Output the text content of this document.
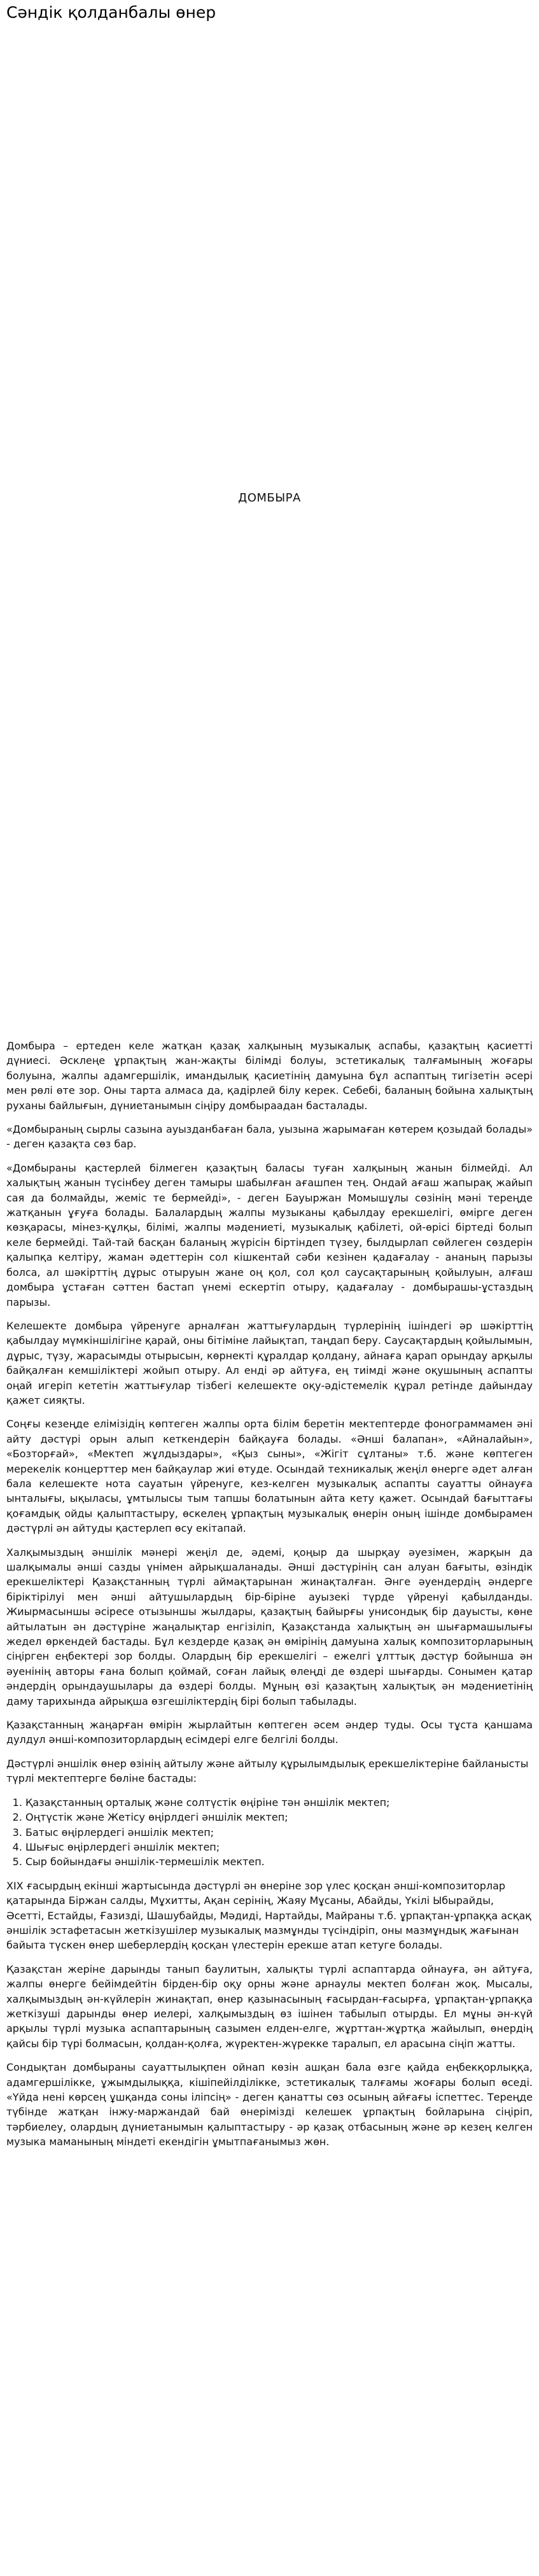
Сәндік қолданбалы өнер
ДОМБЫРА

Домбыра – ертеден келе жатқан қазақ халқының музыкалық аспабы, қазақтың қасиетті дүниесі. Әсклеңе ұрпақтың жан-жақты білімді болуы, эстетикалық талғамының жоғары болуына, жалпы адамгершілік, имандылық қасиетінің дамуына бұл аспаптың тигізетін әсері мен рөлі өте зор. Оны тарта алмаса да, қадірлей білу керек. Себебі, баланың бойына халықтың руханы байлығын, дүниетанымын сіңіру домбыраадан басталады.

«Домбыраның сырлы сазына ауызданбаған бала, уызына жарымаған көтерем қозыдай болады» - деген қазақта сөз бар.

«Домбыраны қастерлей білмеген қазақтың баласы туған халқының жанын білмейді. Ал халықтың жанын түсінбеу деген тамыры шабылған ағашпен тең. Ондай ағаш жапырақ жайып сая да болмайды, жеміс те бермейді», - деген Бауыржан Момышұлы сөзінің мәні тереңде жатқанын ұғуға болады. Балалардың жалпы музыканы қабылдау ерекшелігі, өмірге деген көзқарасы, мінез-құлқы, білімі, жалпы мәдениеті, музыкалық қабілеті, ой-өрісі біртеді болып келе бермейді. Тай-тай басқан баланың жүрісін біртіндеп түзеу, былдырлап сөйлеген сөздерін қалыпқа келтіру, жаман әдеттерін сол кішкентай сәби кезінен қадағалау - ананың парызы болса, ал шәкірттің дұрыс отыруын жане оң қол, сол қол саусақтарының қойылуын, алғаш домбыра ұстаған сәттен бастап үнемі ескертіп отыру, қадағалау - домбырашы-ұстаздың парызы.

Келешекте домбыра үйренуге арналған жаттығулардың түрлерінің ішіндегі әр шәкірттің қабылдау мүмкіншілігіне қарай, оны бітіміне лайықтап, таңдап беру. Саусақтардың қойылымын, дұрыс, түзу, жарасымды отырысын, көрнекті құралдар қолдану, айнаға қарап орындау арқылы байқалған кемшіліктері жойып отыру. Ал енді әр айтуға, ең тиімді және оқушының аспапты оңай игеріп кететін жаттығулар тізбегі келешекте оқу-әдістемелік құрал ретінде дайындау қажет сияқты.

Соңғы кезеңде елімізідің көптеген жалпы орта білім беретін мектептерде фонограммамен әні айту дәстүрі орын алып кеткендерін байқауға болады. «Әнші балапан», «Айналайын», «Бозторғай», «Мектеп жұлдыздары», «Қыз сыны», «Жігіт сұлтаны» т.б. және көптеген мерекелік концерттер мен байқаулар жиі өтуде. Осындай техникалық жеңіл өнерге әдет алған бала келешекте нота сауатын үйренуге, кез-келген музыкалық аспапты сауатты ойнауға ынталығы, ықыласы, ұмтылысы тым тапшы болатынын айта кету қажет. Осындай бағыттағы қоғамдық ойды қалыптастыру, өскелең ұрпақтың музыкалық өнерін оның ішінде домбырамен дәстүрлі ән айтуды қастерлеп өсу екітапай.

Халқымыздың әншілік мәнері жеңіл де, әдемі, қоңыр да шырқау әуезімен, жарқын да шалқымалы әнші сазды үнімен айрықшаланады. Әнші дәстүрінің сан алуан бағыты, өзіндік ерекшеліктері Қазақстанның түрлі аймақтарынан жинақталған. Әнге әуендердің әндерге біріктірілуі мен әнші айтушылардың бір-біріне ауызекі түрде үйренуі қабылданды. Жиырмасыншы әсіресе отызыншы жылдары, қазақтың байырғы унисондық бір дауысты, көне айтылатын ән дәстүріне жаңалықтар енгізіліп, Қазақстанда халықтың ән шығармашылығы жедел өркендей бастады. Бұл кездерде қазақ ән өмірінің дамуына халық композиторларының сіңірген еңбектері зор болды. Олардың бір ерекшелігі – ежелгі ұлттық дәстүр бойынша ән әуенінің авторы ғана болып қоймай, соған лайық өлеңді де өздері шығарды. Сонымен қатар әндердің орындаушылары да өздері болды. Мұның өзі қазақтың халықтық ән мәдениетінің даму тарихында айрықша өзгешіліктердің бірі болып табылады.

Қазақстанның жаңарған өмірін жырлайтын көптеген әсем әндер туды. Осы тұста қаншама дулдул әнші-композиторлардың есімдері елге белгілі болды.

Дәстүрлі әншілік өнер өзінің айтылу және айтылу құрылымдылық ерекшеліктеріне байланысты түрлі мектептерге бөліне бастады:

1. Қазақстанның орталық және солтүстік өңіріне тән әншілік мектеп;
2. Оңтүстік және Жетісу өңірлдегі әншілік мектеп;
3. Батыс өңірлердегі әншілік мектеп;
4. Шығыс өңірлердегі әншілік мектеп;
5. Сыр бойындағы әншілік-термешілік мектеп.

XIX ғасырдың екінші жартысында дәстүрлі ән өнеріне зор үлес қосқан әнші-композиторлар қатарында Біржан салды, Мұхитты, Ақан серінің, Жаяу Мұсаны, Абайды, Үкілі Ыбырайды, Әсетті, Естайды, Ғазизді, Шашубайды, Мәдиді, Нартайды, Майраны т.б. ұрпақтан-ұрпаққа асқақ әншілік эстафетасын жеткізушілер музыкалық мазмұнды түсіндіріп, оны мазмұндық жағынан байыта түскен өнер шеберлердің қосқан үлестерін ерекше атап кетуге болады.

Қазақстан жеріне дарынды танып баулитын, халықты түрлі аспаптарда ойнауға, ән айтуға, жалпы өнерге бейімдейтін бірден-бір оқу орны және арнаулы мектеп болған жоқ. Мысалы, халқымыздың ән-күйлерін жинақтап, өнер қазынасының ғасырдан-ғасырға, ұрпақтан-ұрпаққа жеткізуші дарынды өнер иелері, халқымыздың өз ішінен табылып отырды. Ел мұны ән-күй арқылы түрлі музыка аспаптарының сазымен елден-елге, жұрттан-жұртқа жайылып, өнердің қайсы бір түрі болмасын, қолдан-қолға, жүректен-жүрекке таралып, ел арасына сіңіп жатты.

Сондықтан домбыраны сауаттылықпен ойнап көзін ашқан бала өзге қайда еңбекқорлыққа, адамгершілікке, ұжымдылыққа, кішіпейілділікке, эстетикалық талғамы жоғары болып өседі. «Үйда нені көрсең ұшқанда соны іліпсің» - деген қанатты сөз осының айғағы іспеттес. Тереңде түбінде жатқан інжу-маржандай бай өнерімізді келешек ұрпақтың бойларына сіңіріп, тәрбиелеу, олардың дүниетанымын қалыптастыру - әр қазақ отбасының және әр кезең келген музыка маманының міндеті екендігін ұмытпағанымыз жөн.
